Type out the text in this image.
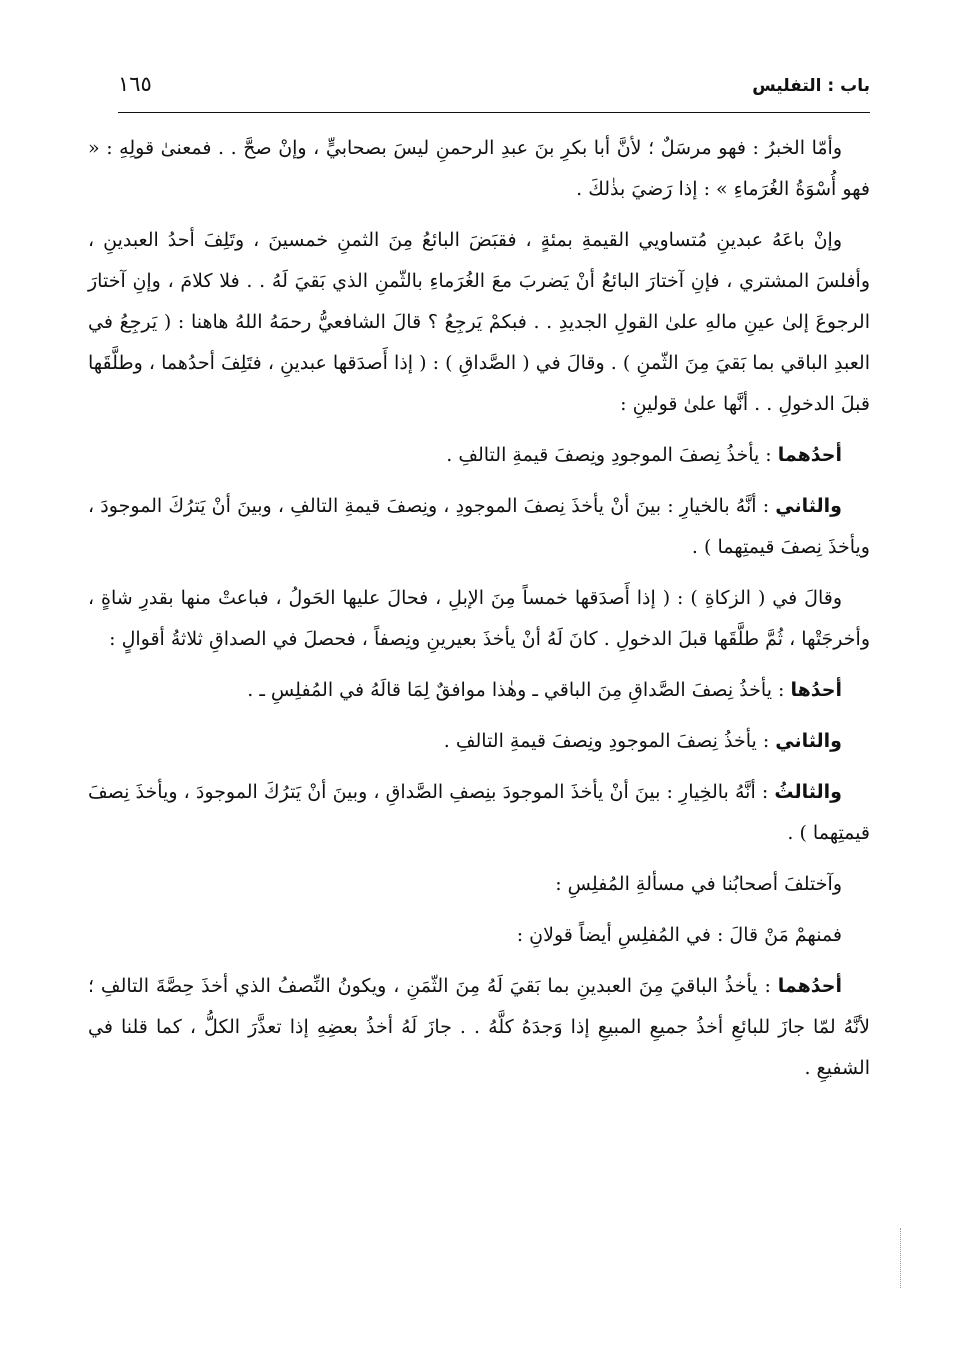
باب : التفليس
١٦٥

وأمّا الخبرُ : فهو مرسَلٌ ؛ لأنَّ أبا بكرِ بنَ عبدِ الرحمنِ ليسَ بصحابيٍّ ، وإنْ صحَّ . . فمعنىٰ قولِهِ : « فهو أُسْوَةُ الغُرَماءِ » : إذا رَضيَ بذٰلكَ .

وإنْ باعَهُ عبدينِ مُتساويي القيمةِ بمئةٍ ، فقبَضَ البائعُ مِنَ الثمنِ خمسينَ ، وتَلِفَ أحدُ العبدينِ ، وأفلسَ المشتري ، فإنِ آختارَ البائعُ أنْ يَضربَ معَ الغُرَماءِ بالثّمنِ الذي بَقيَ لَهُ . . فلا كلامَ ، وإنِ آختارَ الرجوعَ إلىٰ عينِ مالهِ علىٰ القولِ الجديدِ . . فبكمْ يَرجِعُ ؟ قالَ الشافعيُّ رحمَهُ اللهُ هاهنا : ( يَرجِعُ في العبدِ الباقي بما بَقيَ مِنَ الثّمنِ ) . وقالَ في ( الصَّداقِ ) : ( إذا أَصدَقها عبدينِ ، فتَلِفَ أحدُهما ، وطلَّقَها قبلَ الدخولِ . . أنَّها علىٰ قولينِ :

أحدُهما : يأخذُ نِصفَ الموجودِ ونِصفَ قيمةِ التالفِ .

والثاني : أنَّهُ بالخيارِ : بينَ أنْ يأخذَ نِصفَ الموجودِ ، ونِصفَ قيمةِ التالفِ ، وبينَ أنْ يَترُكَ الموجودَ ، ويأخذَ نِصفَ قيمتِهما ) .

وقالَ في ( الزكاةِ ) : ( إذا أَصدَقها خمساً مِنَ الإبلِ ، فحالَ عليها الحَولُ ، فباعتْ منها بقدرِ شاةٍ ، وأخرجَتْها ، ثُمَّ طلَّقَها قبلَ الدخولِ . كانَ لَهُ أنْ يأخذَ بعيرينِ ونِصفاً ، فحصلَ في الصداقِ ثلاثةُ أقوالٍ :

أحدُها : يأخذُ نِصفَ الصَّداقِ مِنَ الباقي ـ وهٰذا موافقٌ لِمَا قالَهُ في المُفلِسِ ـ .

والثاني : يأخذُ نِصفَ الموجودِ ونِصفَ قيمةِ التالفِ .

والثالثُ : أنَّهُ بالخِيارِ : بينَ أنْ يأخذَ الموجودَ بنِصفِ الصَّداقِ ، وبينَ أنْ يَترُكَ الموجودَ ، ويأخذَ نِصفَ قيمتِهما ) .

وآختلفَ أصحابُنا في مسألةِ المُفلِسِ :

فمنهمْ مَنْ قالَ : في المُفلِسِ أيضاً قولانِ :

أحدُهما : يأخذُ الباقيَ مِنَ العبدينِ بما بَقيَ لَهُ مِنَ الثّمَنِ ، ويكونُ النِّصفُ الذي أخذَ حِصَّةَ التالفِ ؛ لأنَّهُ لمّا جازَ للبائعِ أخذُ جميعِ المبيعِ إذا وَجدَهُ كلَّهُ . . جازَ لَهُ أخذُ بعضِهِ إذا تعذَّرَ الكلُّ ، كما قلنا في الشفيعِ .
